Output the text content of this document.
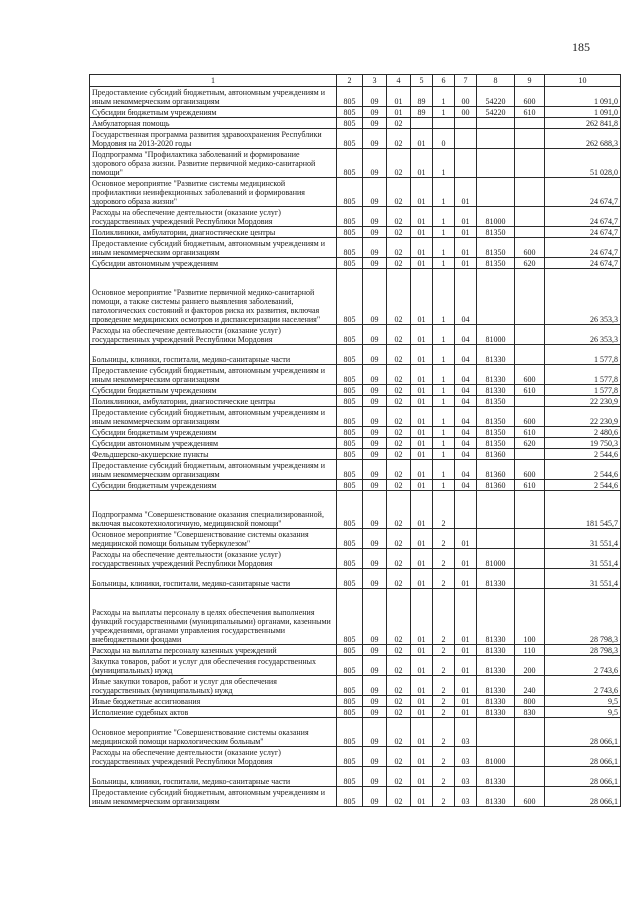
185
1	2	3	4	5	6	7	8	9	10
Предоставление субсидий бюджетным, автономным учреждениям и иным некоммерческим организациям	805	09	01	89	1	00	54220	600	1 091,0
Субсидии бюджетным учреждениям	805	09	01	89	1	00	54220	610	1 091,0
Амбулаторная помощь	805	09	02						262 841,8
Государственная программа развития здравоохранения Республики Мордовия на 2013-2020 годы	805	09	02	01	0				262 688,3
Подпрограмма "Профилактика заболеваний и формирование здорового образа жизни. Развитие первичной медико-санитарной помощи"	805	09	02	01	1				51 028,0
Основное мероприятие "Развитие системы медицинской профилактики неинфекционных заболеваний и формирования здорового образа жизни"	805	09	02	01	1	01			24 674,7
Расходы на обеспечение деятельности (оказание услуг) государственных учреждений Республики Мордовия	805	09	02	01	1	01	81000		24 674,7
Поликлиники, амбулатории, диагностические центры	805	09	02	01	1	01	81350		24 674,7
Предоставление субсидий бюджетным, автономным учреждениям и иным некоммерческим организациям	805	09	02	01	1	01	81350	600	24 674,7
Субсидии автономным учреждениям	805	09	02	01	1	01	81350	620	24 674,7
Основное мероприятие "Развитие первичной медико-санитарной помощи, а также системы раннего выявления заболеваний, патологических состояний и факторов риска их развития, включая проведение медицинских осмотров и диспансеризации населения"	805	09	02	01	1	04			26 353,3
Расходы на обеспечение деятельности (оказание услуг) государственных учреждений Республики Мордовия	805	09	02	01	1	04	81000		26 353,3
Больницы, клиники, госпитали, медико-санитарные части	805	09	02	01	1	04	81330		1 577,8
Предоставление субсидий бюджетным, автономным учреждениям и иным некоммерческим организациям	805	09	02	01	1	04	81330	600	1 577,8
Субсидии бюджетным учреждениям	805	09	02	01	1	04	81330	610	1 577,8
Поликлиники, амбулатории, диагностические центры	805	09	02	01	1	04	81350		22 230,9
Предоставление субсидий бюджетным, автономным учреждениям и иным некоммерческим организациям	805	09	02	01	1	04	81350	600	22 230,9
Субсидии бюджетным учреждениям	805	09	02	01	1	04	81350	610	2 480,6
Субсидии автономным учреждениям	805	09	02	01	1	04	81350	620	19 750,3
Фельдшерско-акушерские пункты	805	09	02	01	1	04	81360		2 544,6
Предоставление субсидий бюджетным, автономным учреждениям и иным некоммерческим организациям	805	09	02	01	1	04	81360	600	2 544,6
Субсидии бюджетным учреждениям	805	09	02	01	1	04	81360	610	2 544,6
Подпрограмма "Совершенствование оказания специализированной, включая высокотехнологичную, медицинской помощи"	805	09	02	01	2				181 545,7
Основное мероприятие "Совершенствование системы оказания медицинской помощи больным туберкулезом"	805	09	02	01	2	01			31 551,4
Расходы на обеспечение деятельности (оказание услуг) государственных учреждений Республики Мордовия	805	09	02	01	2	01	81000		31 551,4
Больницы, клиники, госпитали, медико-санитарные части	805	09	02	01	2	01	81330		31 551,4
Расходы на выплаты персоналу в целях обеспечения выполнения функций государственными (муниципальными) органами, казенными учреждениями, органами управления государственными внебюджетными фондами	805	09	02	01	2	01	81330	100	28 798,3
Расходы на выплаты персоналу казенных учреждений	805	09	02	01	2	01	81330	110	28 798,3
Закупка товаров, работ и услуг для обеспечения государственных (муниципальных) нужд	805	09	02	01	2	01	81330	200	2 743,6
Иные закупки товаров, работ и услуг для обеспечения государственных (муниципальных) нужд	805	09	02	01	2	01	81330	240	2 743,6
Иные бюджетные ассигнования	805	09	02	01	2	01	81330	800	9,5
Исполнение судебных актов	805	09	02	01	2	01	81330	830	9,5
Основное мероприятие "Совершенствование системы оказания медицинской помощи наркологическим больным"	805	09	02	01	2	03			28 066,1
Расходы на обеспечение деятельности (оказание услуг) государственных учреждений Республики Мордовия	805	09	02	01	2	03	81000		28 066,1
Больницы, клиники, госпитали, медико-санитарные части	805	09	02	01	2	03	81330		28 066,1
Предоставление субсидий бюджетным, автономным учреждениям и иным некоммерческим организациям	805	09	02	01	2	03	81330	600	28 066,1
